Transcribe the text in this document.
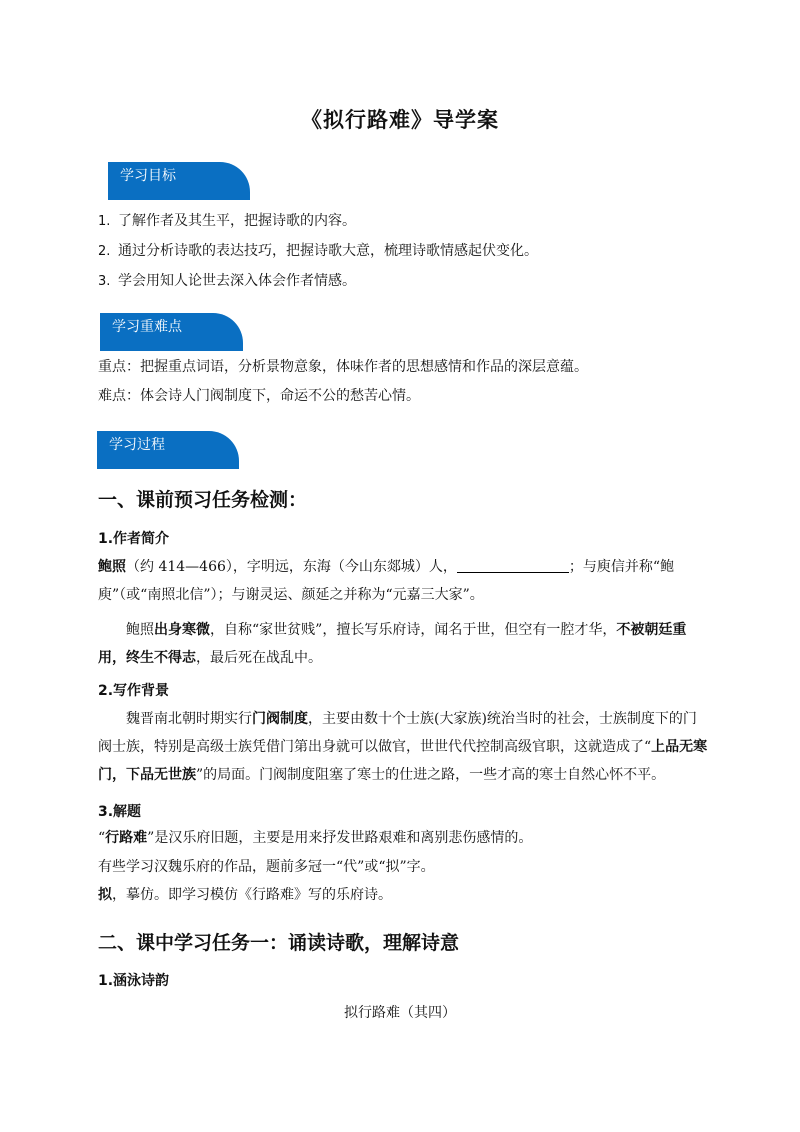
《拟行路难》导学案
学习目标
1. 了解作者及其生平，把握诗歌的内容。
2. 通过分析诗歌的表达技巧，把握诗歌大意，梳理诗歌情感起伏变化。
3. 学会用知人论世去深入体会作者情感。
学习重难点
重点：把握重点词语，分析景物意象，体味作者的思想感情和作品的深层意蕴。
难点：体会诗人门阀制度下，命运不公的愁苦心情。
学习过程
一、课前预习任务检测：
1.作者简介
鲍照（约 414—466），字明远，东海（今山东郯城）人，	；与庾信并称“鲍庾”（或“南照北信”）；与谢灵运、颜延之并称为“元嘉三大家”。
鲍照出身寒微，自称“家世贫贱”，擅长写乐府诗，闻名于世，但空有一腔才华，不被朝廷重用，终生不得志，最后死在战乱中。
2.写作背景
魏晋南北朝时期实行门阀制度，主要由数十个士族(大家族)统治当时的社会，士族制度下的门阀士族，特别是高级士族凭借门第出身就可以做官，世世代代控制高级官职，这就造成了“上品无寒门，下品无世族”的局面。门阀制度阻塞了寒士的仕进之路，一些才高的寒士自然心怀不平。
3.解题
“行路难”是汉乐府旧题，主要是用来抒发世路艰难和离别悲伤感情的。
有些学习汉魏乐府的作品，题前多冠一“代”或“拟”字。
拟，摹仿。即学习模仿《行路难》写的乐府诗。
二、课中学习任务一：诵读诗歌，理解诗意
1.涵泳诗韵
拟行路难（其四）
